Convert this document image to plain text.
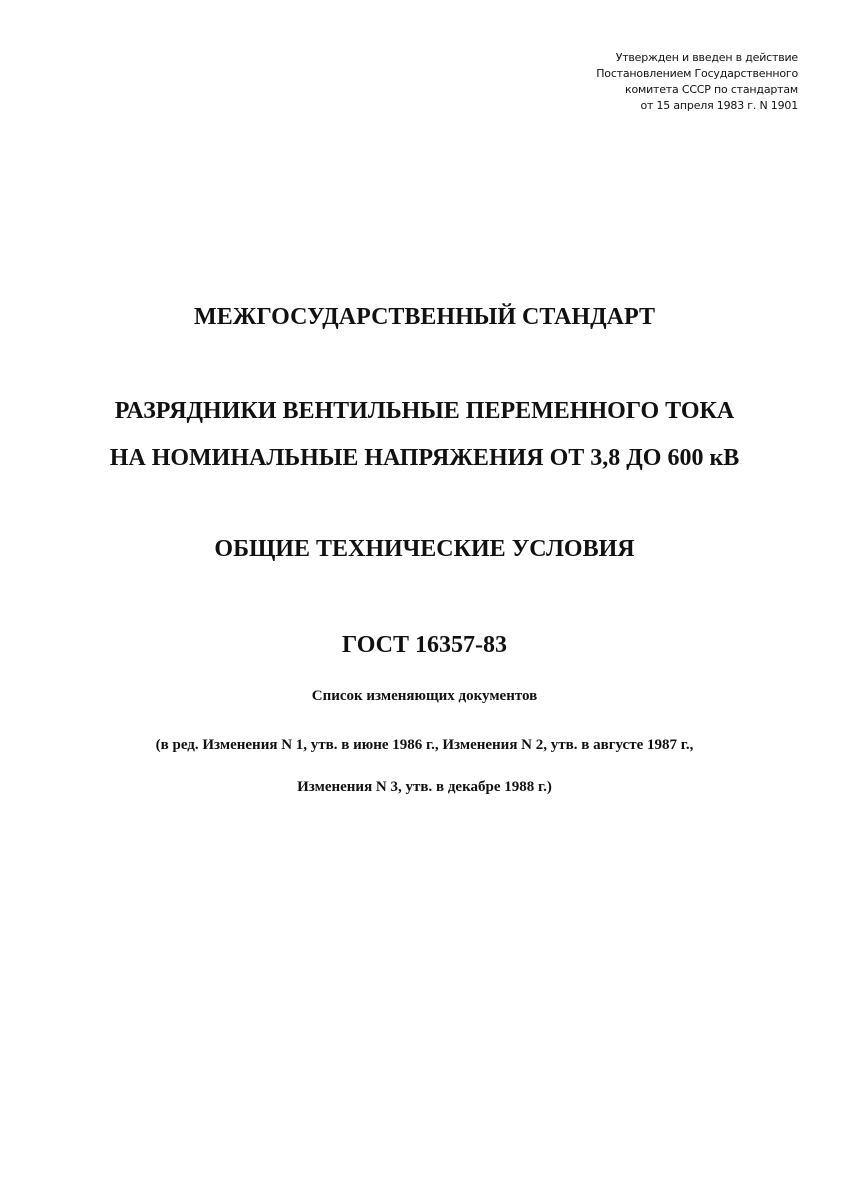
Утвержден и введен в действие
Постановлением Государственного
комитета СССР по стандартам
от 15 апреля 1983 г. N 1901
МЕЖГОСУДАРСТВЕННЫЙ СТАНДАРТ
РАЗРЯДНИКИ ВЕНТИЛЬНЫЕ ПЕРЕМЕННОГО ТОКА
НА НОМИНАЛЬНЫЕ НАПРЯЖЕНИЯ ОТ 3,8 ДО 600 кВ
ОБЩИЕ ТЕХНИЧЕСКИЕ УСЛОВИЯ
ГОСТ 16357-83
Список изменяющих документов
(в ред. Изменения N 1, утв. в июне 1986 г., Изменения N 2, утв. в августе 1987 г.,
Изменения N 3, утв. в декабре 1988 г.)
